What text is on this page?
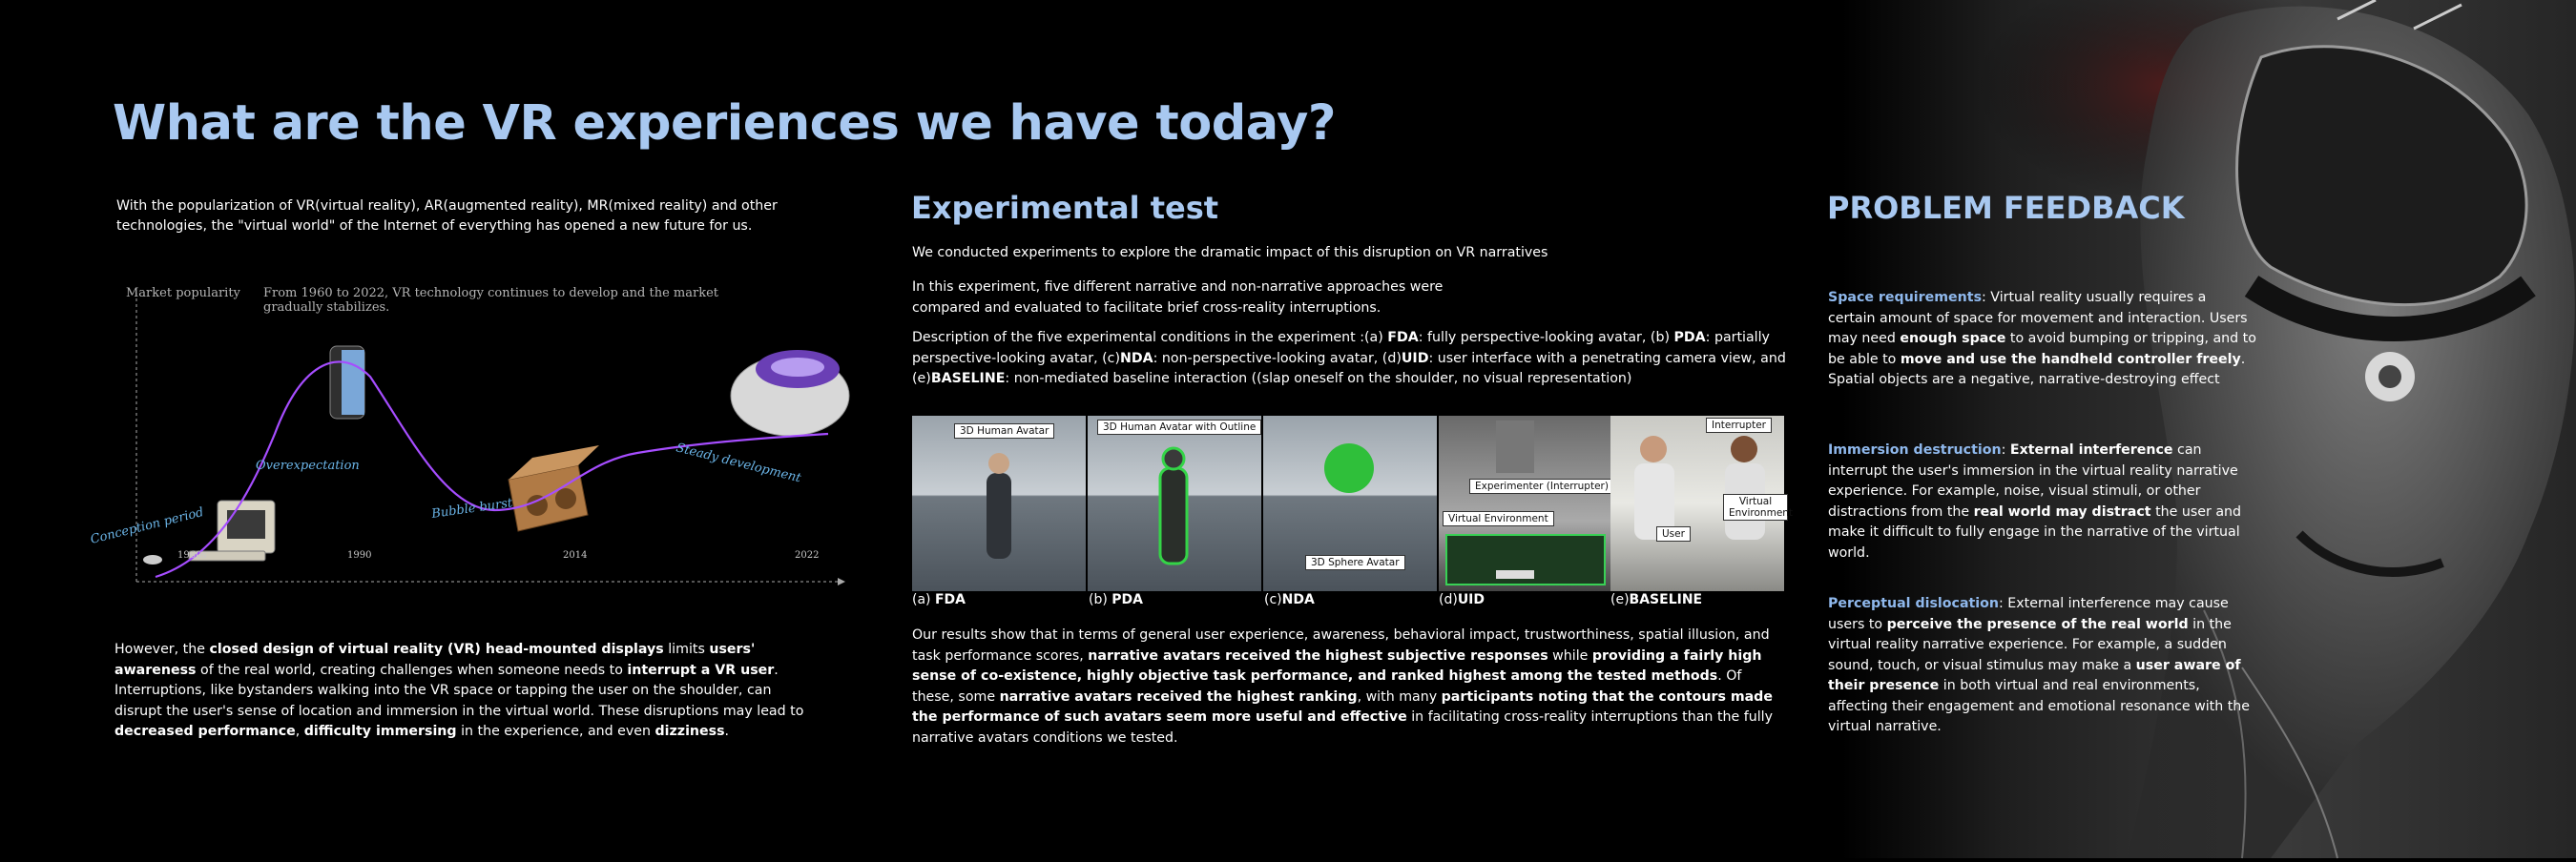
What are the VR experiences we have today?
With the popularization of VR(virtual reality), AR(augmented reality), MR(mixed reality) and other technologies, the "virtual world" of the Internet of everything has opened a new future for us.
Market popularity From 1960 to 2022, VR technology continues to develop and the market
gradually stabilizes.
Conception period
Overexpectation
Bubble burst
Steady development
1960s	1990	2014	2022
However, the closed design of virtual reality (VR) head-mounted displays limits users' awareness of the real world, creating challenges when someone needs to interrupt a VR user. Interruptions, like bystanders walking into the VR space or tapping the user on the shoulder, can disrupt the user's sense of location and immersion in the virtual world. These disruptions may lead to decreased performance, difficulty immersing in the experience, and even dizziness.
Experimental test
We conducted experiments to explore the dramatic impact of this disruption on VR narratives
In this experiment, five different narrative and non-narrative approaches were compared and evaluated to facilitate brief cross-reality interruptions.
Description of the five experimental conditions in the experiment :(a) FDA: fully perspective-looking avatar, (b) PDA: partially perspective-looking avatar, (c)NDA: non-perspective-looking avatar, (d)UID: user interface with a penetrating camera view, and (e)BASELINE: non-mediated baseline interaction ((slap oneself on the shoulder, no visual representation)
3D Human Avatar	3D Human Avatar with Outline
3D Sphere Avatar
Experimenter (Interrupter)
Virtual Environment
Interrupter
Virtual Environment
User
(a) FDA	(b) PDA	(c)NDA	(d)UID	(e)BASELINE
Our results show that in terms of general user experience, awareness, behavioral impact, trustworthiness, spatial illusion, and task performance scores, narrative avatars received the highest subjective responses while providing a fairly high sense of co-existence, highly objective task performance, and ranked highest among the tested methods. Of these, some narrative avatars received the highest ranking, with many participants noting that the contours made the performance of such avatars seem more useful and effective in facilitating cross-reality interruptions than the fully narrative avatars conditions we tested.
PROBLEM FEEDBACK
Space requirements: Virtual reality usually requires a certain amount of space for movement and interaction. Users may need enough space to avoid bumping or tripping, and to be able to move and use the handheld controller freely. Spatial objects are a negative, narrative-destroying effect
Immersion destruction: External interference can interrupt the user's immersion in the virtual reality narrative experience. For example, noise, visual stimuli, or other distractions from the real world may distract the user and make it difficult to fully engage in the narrative of the virtual world.
Perceptual dislocation: External interference may cause users to perceive the presence of the real world in the virtual reality narrative experience. For example, a sudden sound, touch, or visual stimulus may make a user aware of their presence in both virtual and real environments, affecting their engagement and emotional resonance with the virtual narrative.
